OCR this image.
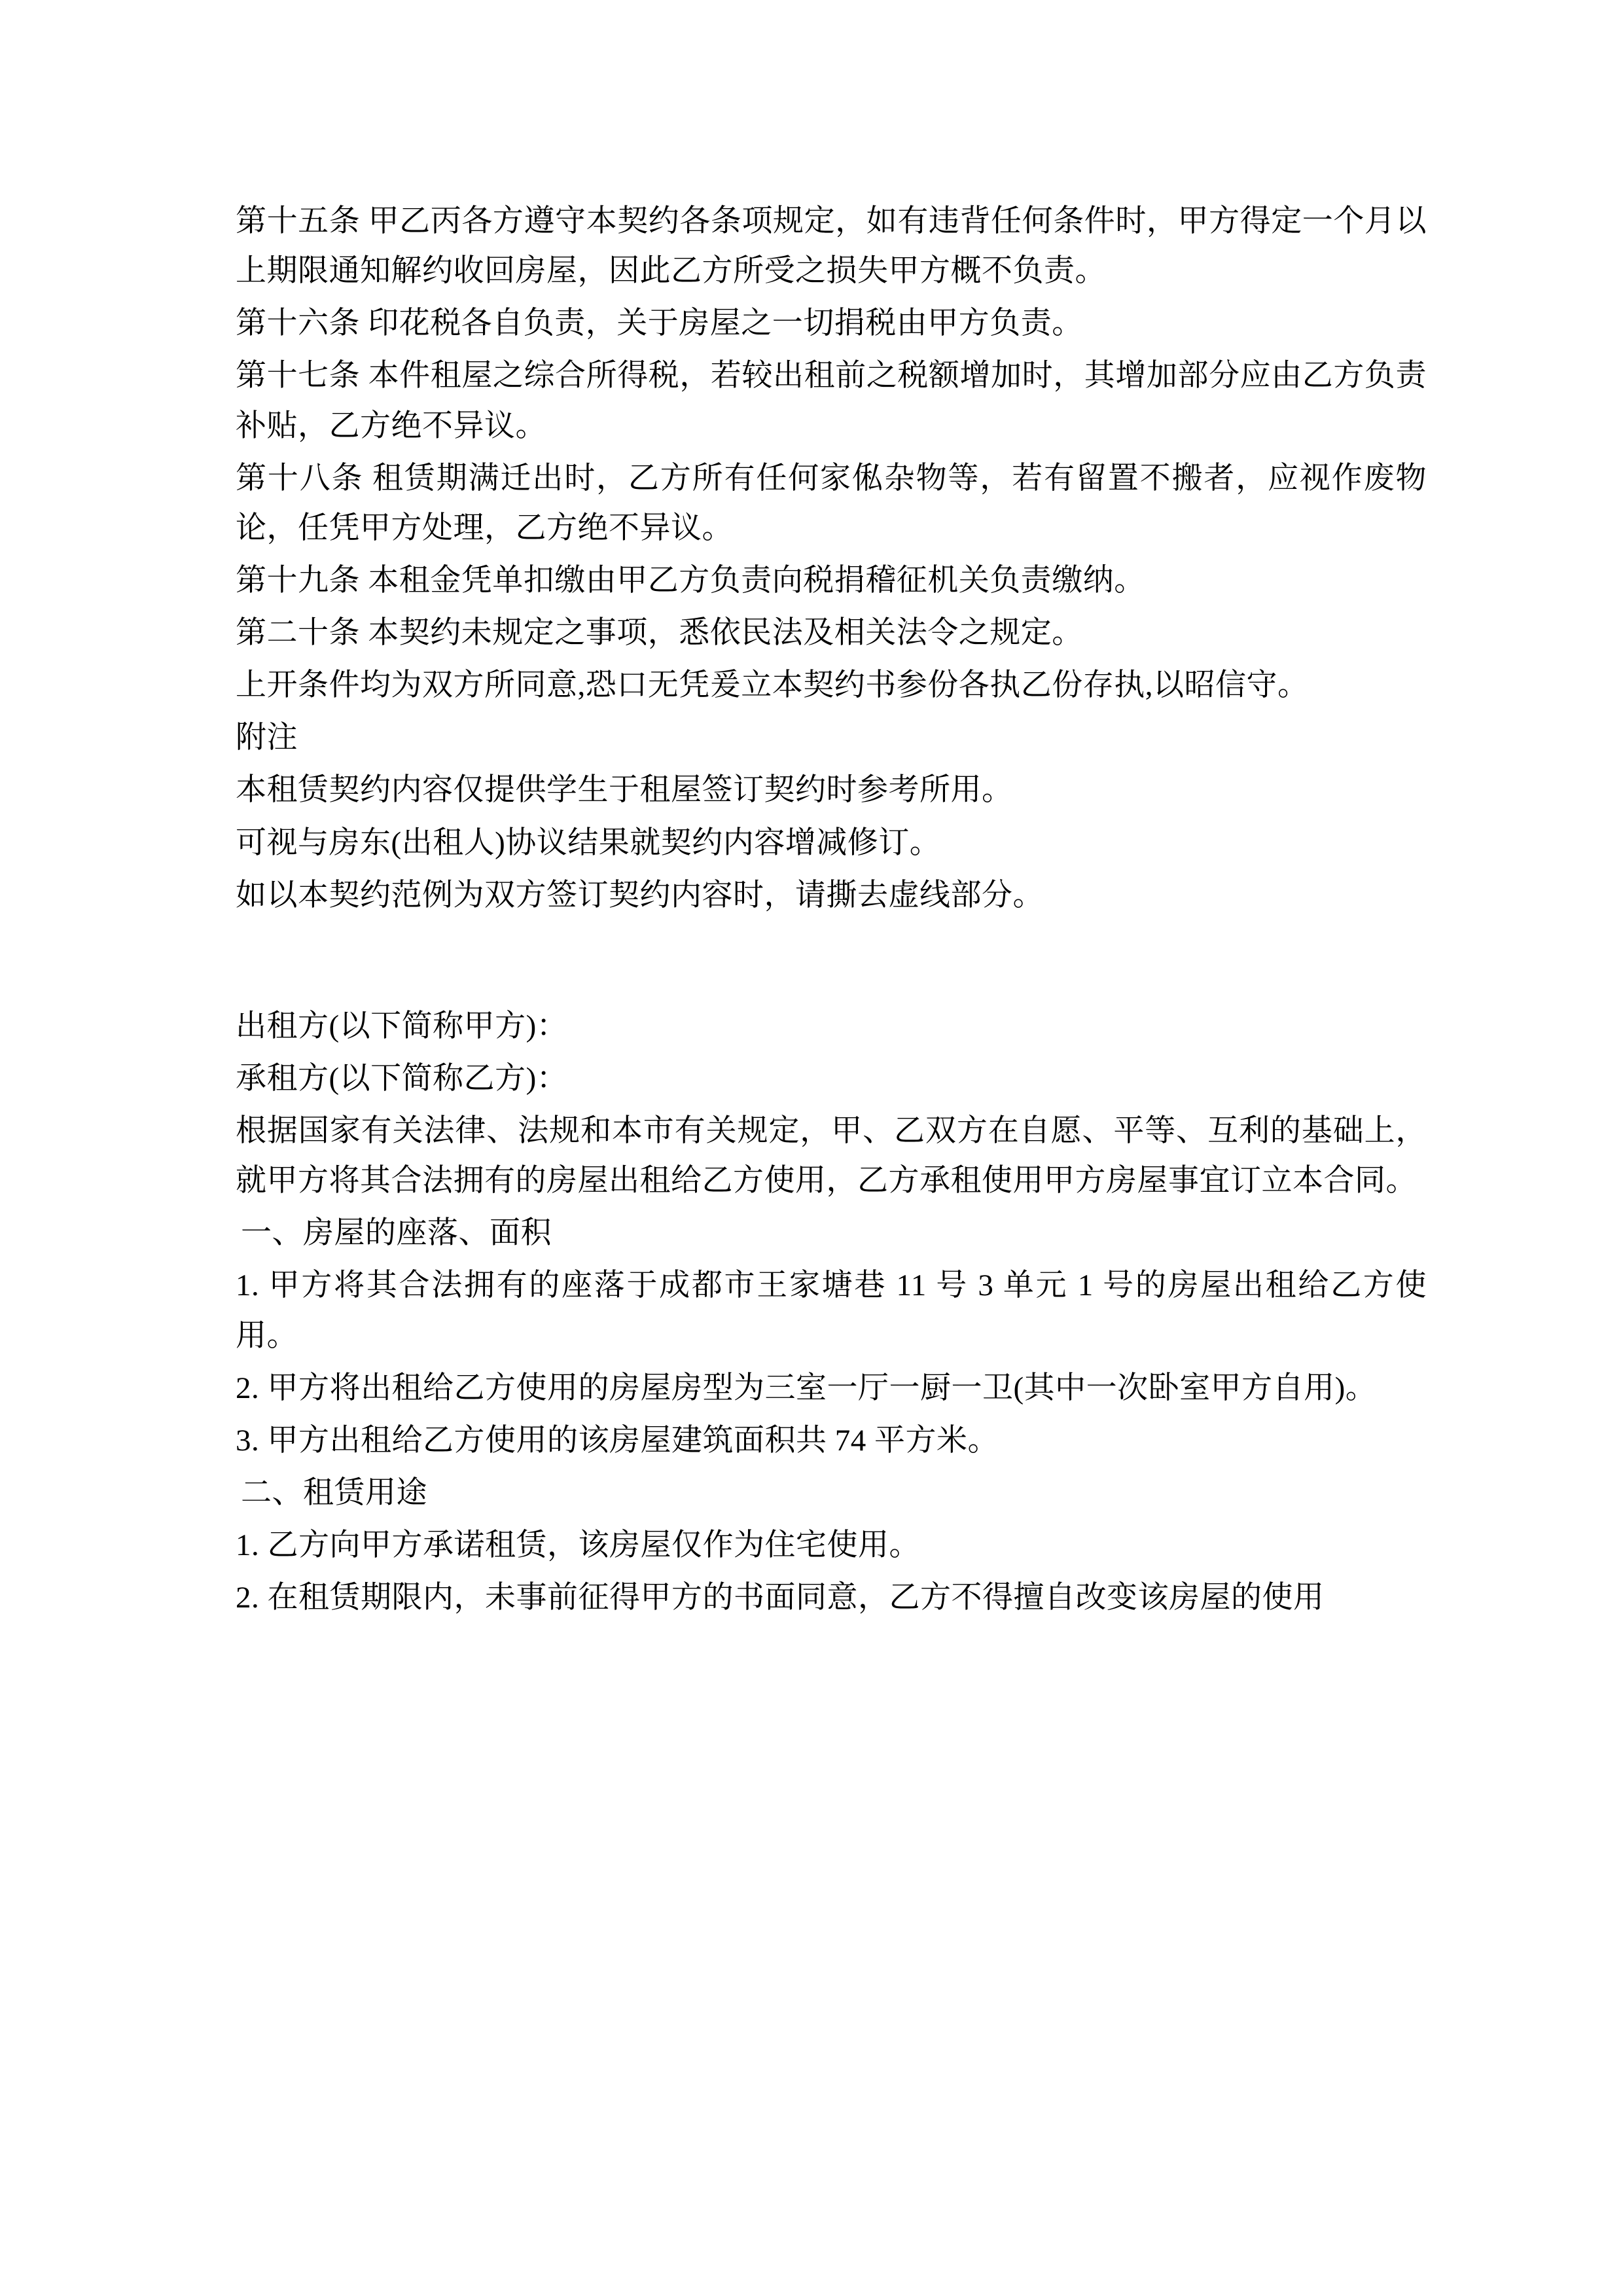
第十五条 甲乙丙各方遵守本契约各条项规定，如有违背任何条件时，甲方得定一个月以上期限通知解约收回房屋，因此乙方所受之损失甲方概不负责。

第十六条 印花税各自负责，关于房屋之一切捐税由甲方负责。

第十七条 本件租屋之综合所得税，若较出租前之税额增加时，其增加部分应由乙方负责补贴，乙方绝不异议。

第十八条 租赁期满迁出时，乙方所有任何家俬杂物等，若有留置不搬者，应视作废物论，任凭甲方处理，乙方绝不异议。

第十九条 本租金凭单扣缴由甲乙方负责向税捐稽征机关负责缴纳。

第二十条 本契约未规定之事项，悉依民法及相关法令之规定。

上开条件均为双方所同意,恐口无凭爰立本契约书参份各执乙份存执,以昭信守。

附注

本租赁契约内容仅提供学生于租屋签订契约时参考所用。

可视与房东(出租人)协议结果就契约内容增减修订。

如以本契约范例为双方签订契约内容时，请撕去虚线部分。

出租方(以下简称甲方)：

承租方(以下简称乙方)：

根据国家有关法律、法规和本市有关规定，甲、乙双方在自愿、平等、互利的基础上，就甲方将其合法拥有的房屋出租给乙方使用，乙方承租使用甲方房屋事宜订立本合同。

一、房屋的座落、面积

1. 甲方将其合法拥有的座落于成都市王家塘巷 11 号 3 单元 1 号的房屋出租给乙方使用。

2. 甲方将出租给乙方使用的房屋房型为三室一厅一厨一卫(其中一次卧室甲方自用)。

3. 甲方出租给乙方使用的该房屋建筑面积共 74 平方米。

二、租赁用途

1. 乙方向甲方承诺租赁，该房屋仅作为住宅使用。

2. 在租赁期限内，未事前征得甲方的书面同意，乙方不得擅自改变该房屋的使用
